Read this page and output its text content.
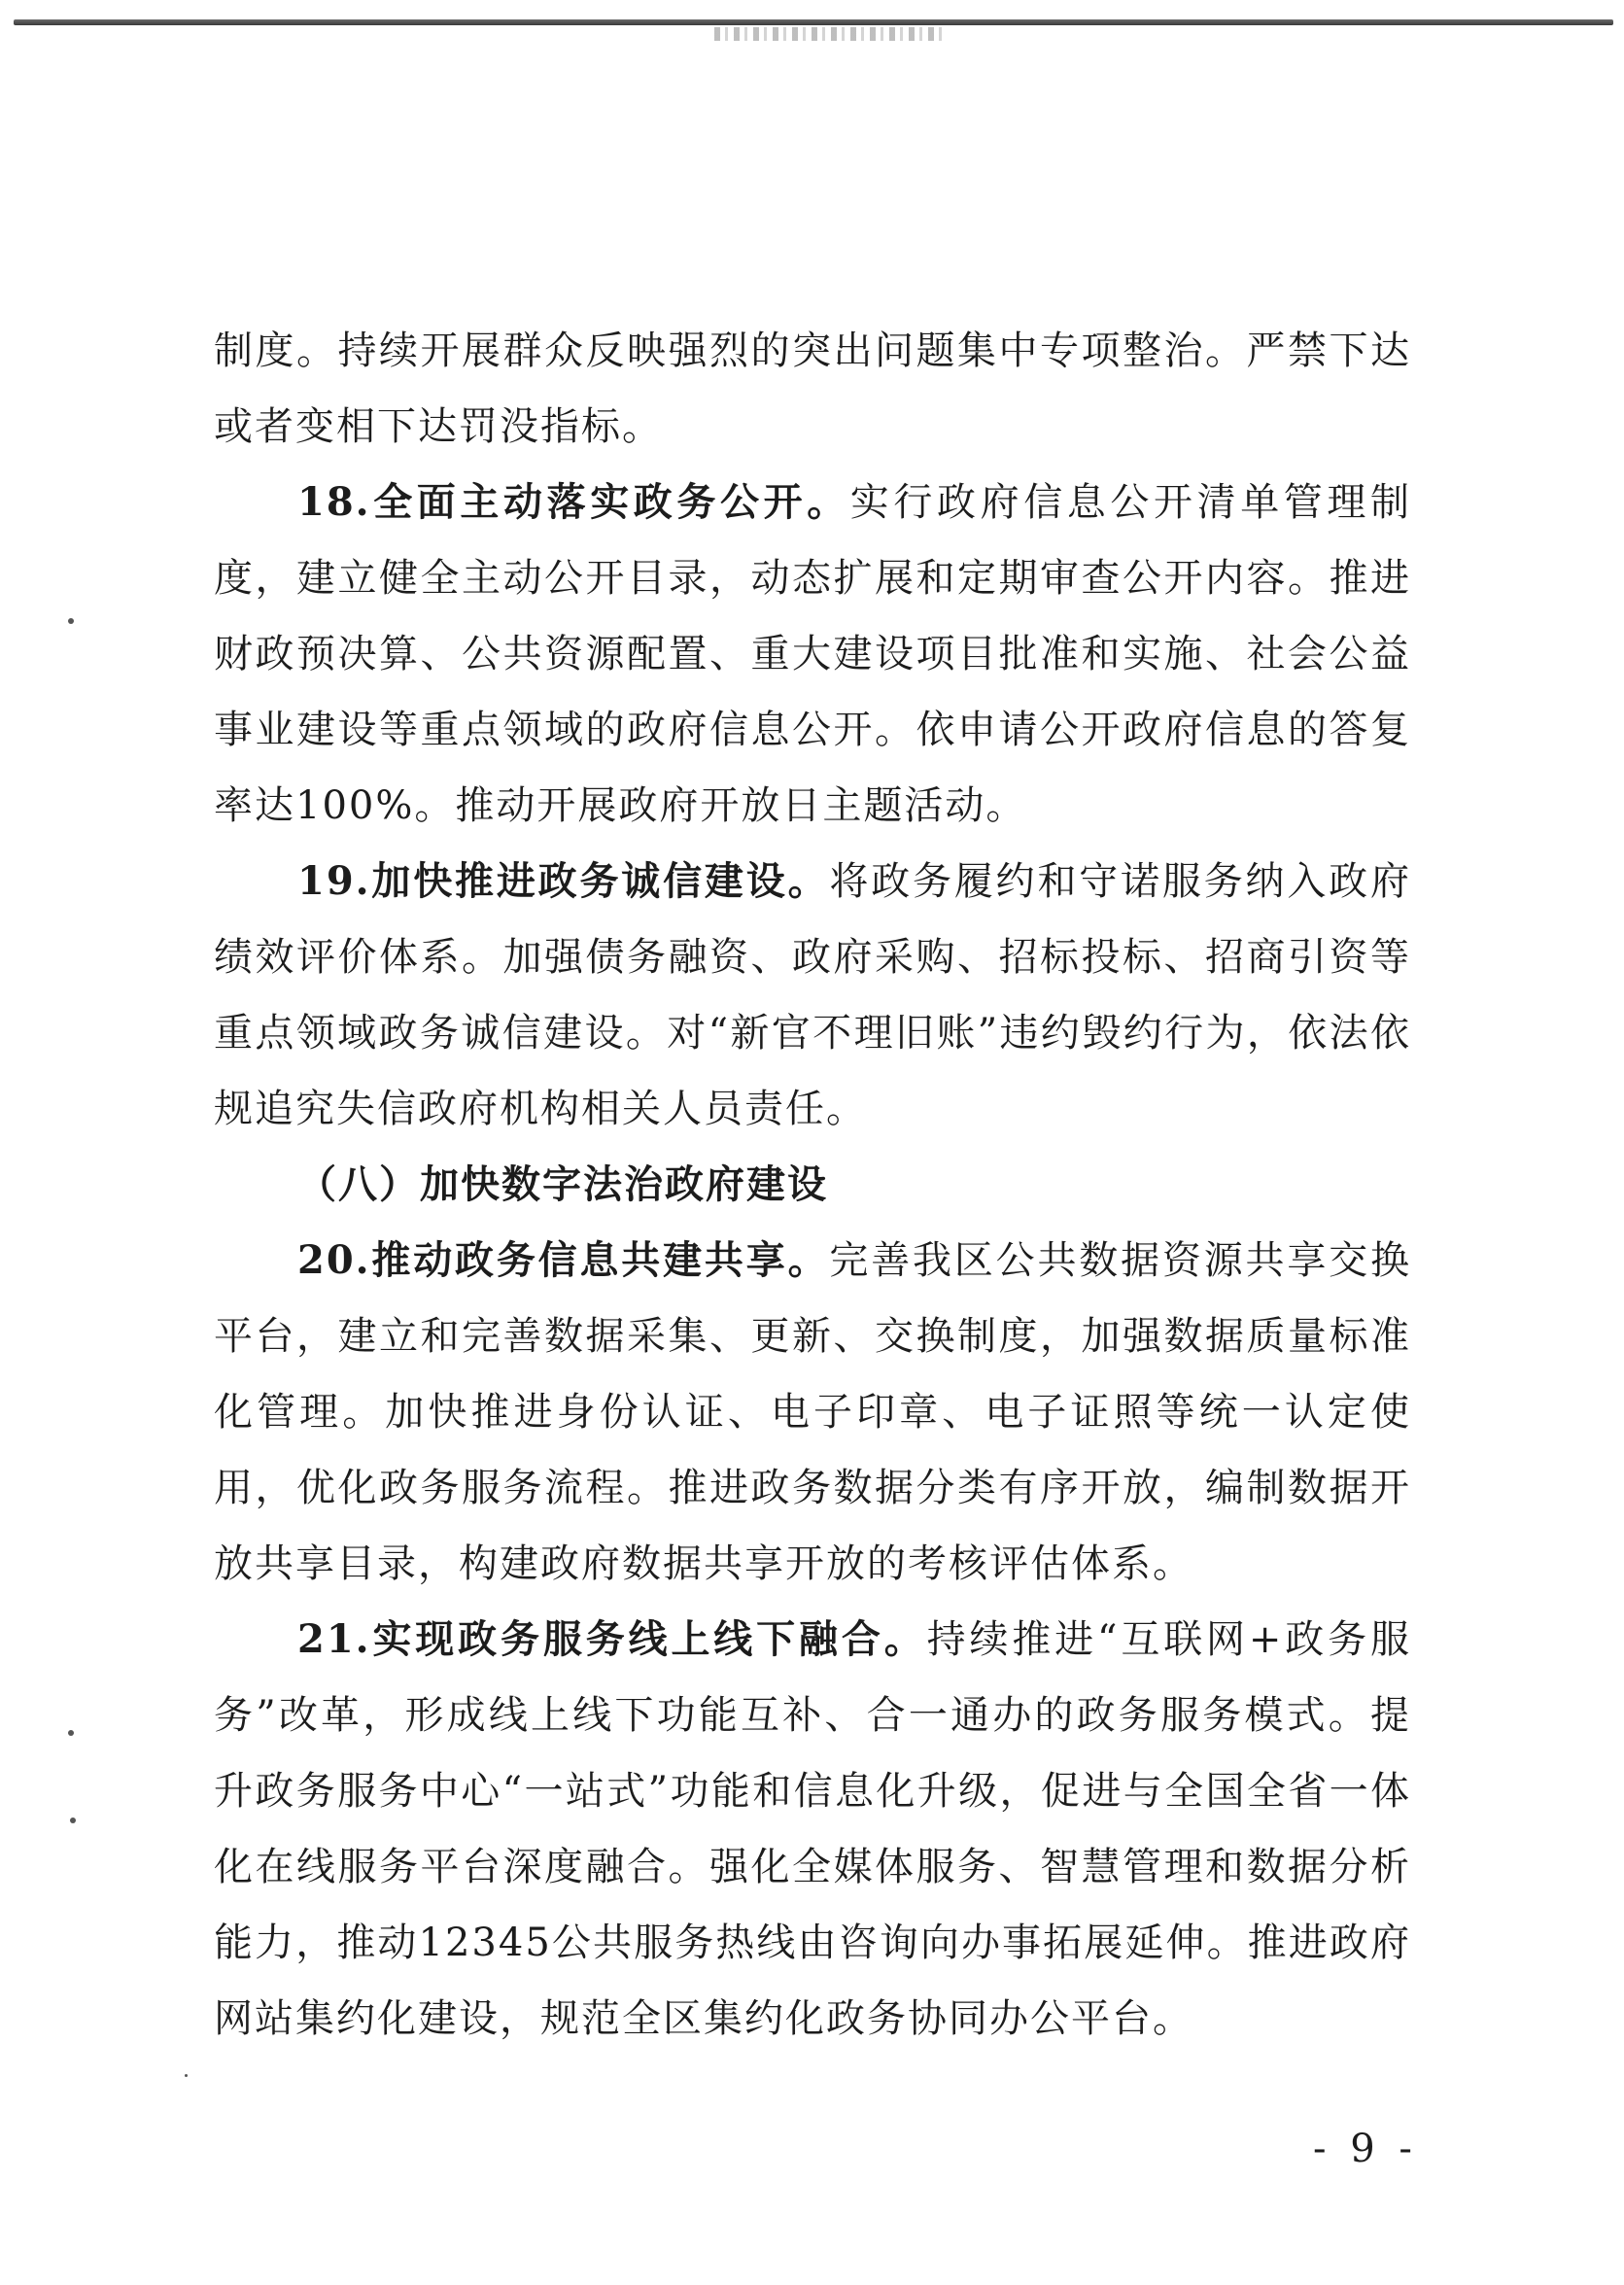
制度。持续开展群众反映强烈的突出问题集中专项整治。严禁下达或者变相下达罚没指标。

18.全面主动落实政务公开。实行政府信息公开清单管理制度，建立健全主动公开目录，动态扩展和定期审查公开内容。推进财政预决算、公共资源配置、重大建设项目批准和实施、社会公益事业建设等重点领域的政府信息公开。依申请公开政府信息的答复率达100%。推动开展政府开放日主题活动。

19.加快推进政务诚信建设。将政务履约和守诺服务纳入政府绩效评价体系。加强债务融资、政府采购、招标投标、招商引资等重点领域政务诚信建设。对“新官不理旧账”违约毁约行为，依法依规追究失信政府机构相关人员责任。

（八）加快数字法治政府建设

20.推动政务信息共建共享。完善我区公共数据资源共享交换平台，建立和完善数据采集、更新、交换制度，加强数据质量标准化管理。加快推进身份认证、电子印章、电子证照等统一认定使用，优化政务服务流程。推进政务数据分类有序开放，编制数据开放共享目录，构建政府数据共享开放的考核评估体系。

21.实现政务服务线上线下融合。持续推进“互联网+政务服务”改革，形成线上线下功能互补、合一通办的政务服务模式。提升政务服务中心“一站式”功能和信息化升级，促进与全国全省一体化在线服务平台深度融合。强化全媒体服务、智慧管理和数据分析能力，推动12345公共服务热线由咨询向办事拓展延伸。推进政府网站集约化建设，规范全区集约化政务协同办公平台。

- 9 -
